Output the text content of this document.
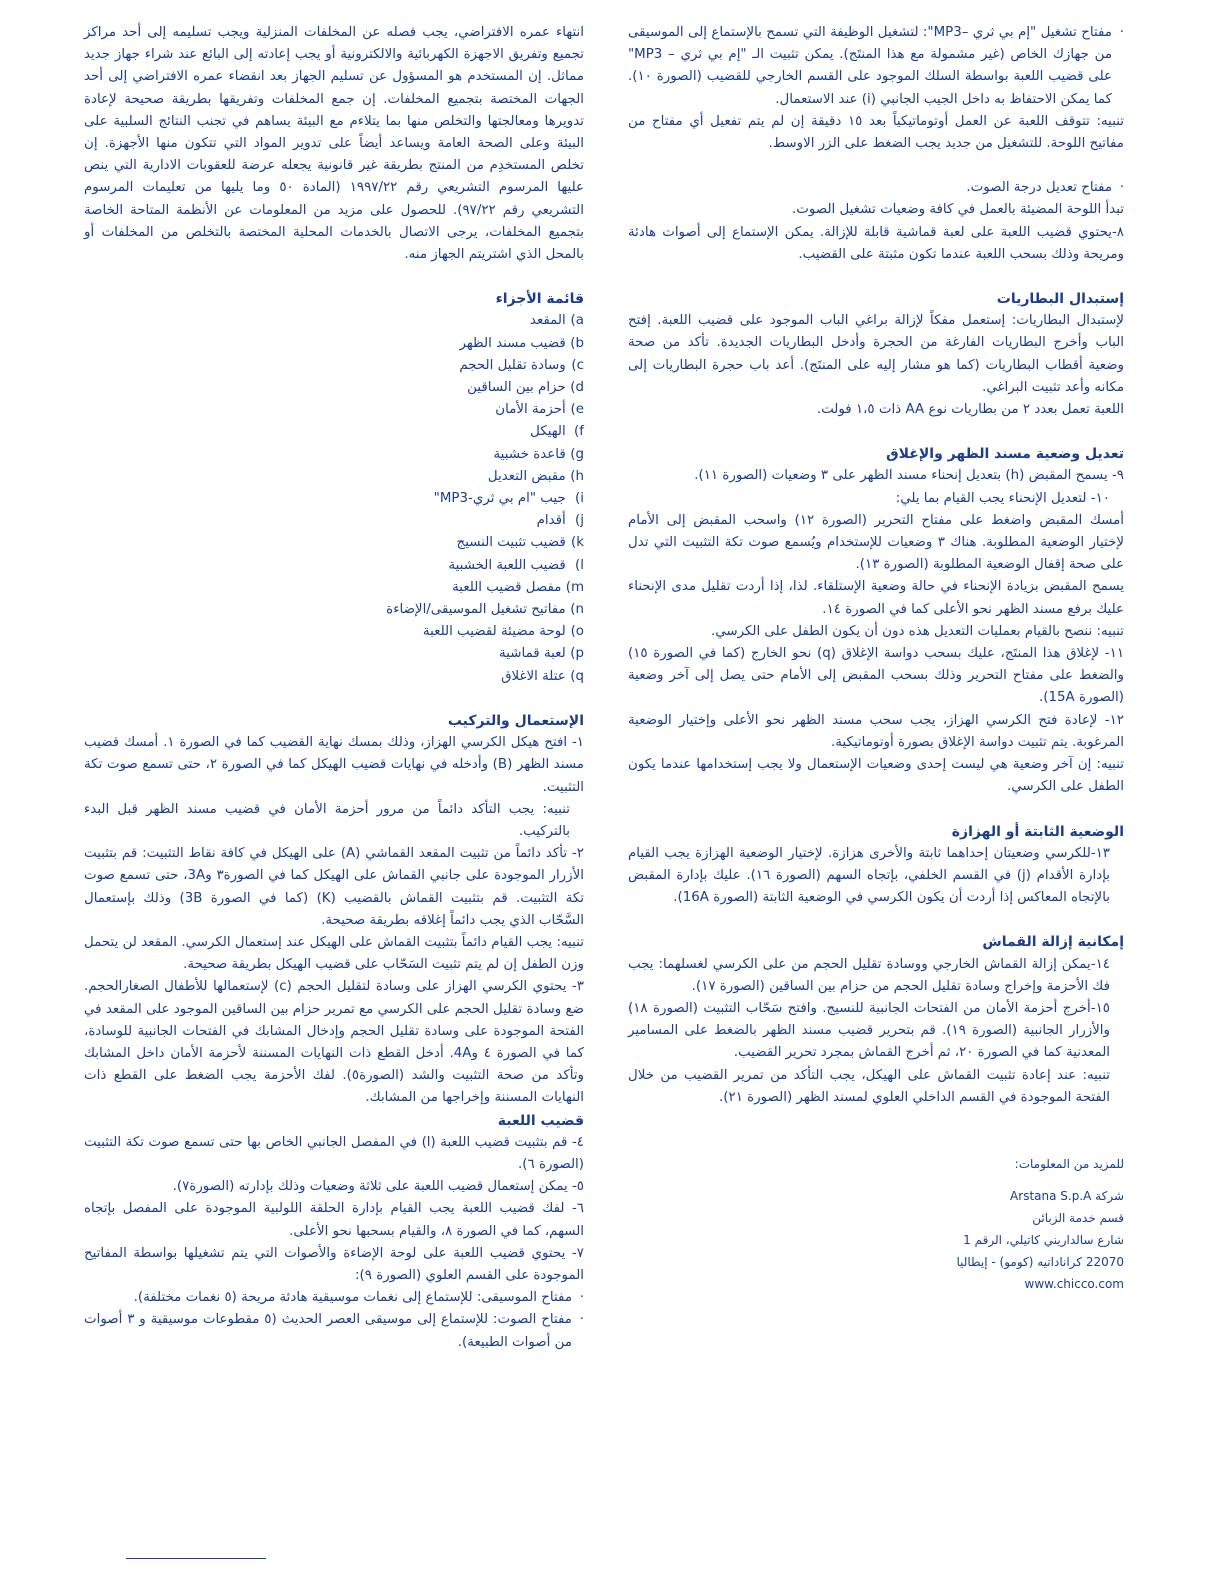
· مفتاح تشغيل "إم بي ثري –MP3": لتشغيل الوظيفة التي تسمح بالإستماع إلى الموسيقى من جهازك الخاص (غير مشمولة مع هذا المنتَج). يمكن تثبيت الـ "إم بي ثري – MP3" على قضيب اللعبة بواسطة السلك الموجود على القسم الخارجي للقضيب (الصورة ١٠). كما يمكن الاحتفاظ به داخل الجيب الجانبي (i) عند الاستعمال.

تنبيه: تتوقف اللعبة عن العمل أوتوماتيكياً بعد ١٥ دقيقة إن لم يتم تفعيل أي مفتاح من مفاتيح اللوحة. للتشغيل من جديد يجب الضغط على الزر الاوسط.

· مفتاح تعديل درجة الصوت.

تبدأ اللوحة المضيئة بالعمل في كافة وضعيات تشغيل الصوت.

٨-يحتوي قضيب اللعبة على لعبة قماشية قابلة للإزالة. يمكن الإستماع إلى أصوات هادئة ومريحة وذلك بسحب اللعبة عندما تكون مثبتة على القضيب.

إستبدال البطاريات

لإستبدال البطاريات: إستعمل مفكاً لإزالة براغي الباب الموجود على قضيب اللعبة. إفتح الباب وأخرج البطاريات الفارغة من الحجرة وأدخل البطاريات الجديدة. تأكد من صحة وضعية أقطاب البطاريات (كما هو مشار إليه على المنتَج). أعد باب حجرة البطاريات إلى مكانه وأعد تثبيت البراغي.

اللعبة تعمل بعدد ٢ من بطاريات نوع AA ذات ١،٥ فولت.

تعديل وضعية مسند الظهر والإغلاق

٩- يسمح المقبض (h) بتعديل إنحناء مسند الظهر على ٣ وضعيات (الصورة ١١).

١٠- لتعديل الإنحناء يجب القيام بما يلي:

أمسك المقبض واضغط على مفتاح التحرير (الصورة ١٢) واسحب المقبض إلى الأمام لإختيار الوضعية المطلوبة. هناك ٣ وضعيات للإستخدام ويُسمع صوت تكة التثبيت التي تدل على صحة إقفال الوضعية المطلوبة (الصورة ١٣).

يسمح المقبض بزيادة الإنحناء في حالة وضعية الإستلقاء. لذا، إذا أردت تقليل مدى الإنحناء عليك برفع مسند الظهر نحو الأعلى كما في الصورة ١٤.

تنبيه: ننصح بالقيام بعمليات التعديل هذه دون أن يكون الطفل على الكرسي.

١١- لإغلاق هذا المنتَج، عليك بسحب دواسة الإغلاق (q) نحو الخارج (كما في الصورة ١٥) والضغط على مفتاح التحرير وذلك بسحب المقبض إلى الأمام حتى يصل إلى آخر وضعية (الصورة 15A).

١٢- لإعادة فتح الكرسي الهزاز، يجب سحب مسند الظهر نحو الأعلى وإختيار الوضعية المرغوبة. يتم تثبيت دواسة الإغلاق بصورة أوتوماتيكية.

تنبيه: إن آخر وضعية هي ليست إحدى وضعيات الإستعمال ولا يجب إستخدامها عندما يكون الطفل على الكرسي.

الوضعية الثابتة أو الهزازة

١٣-للكرسي وضعيتان إحداهما ثابتة والأخرى هزازة. لإختيار الوضعية الهزازة يجب القيام بإدارة الأقدام (j) في القسم الخلفي، بإتجاه السهم (الصورة ١٦). عليك بإدارة المقبض بالإتجاه المعاكس إذا أردت أن يكون الكرسي في الوضعية الثابتة (الصورة 16A).

إمكانية إزالة القماش

١٤-يمكن إزالة القماش الخارجي ووسادة تقليل الحجم من على الكرسي لغسلهما: يجب فك الأحزمة وإخراج وسادة تقليل الحجم من حزام بين الساقين (الصورة ١٧).

١٥-أخرج أحزمة الأمان من الفتحات الجانبية للنسيج. وافتح سَحّاب التثبيت (الصورة ١٨) والأزرار الجانبية (الصورة ١٩). قم بتحرير قضيب مسند الظهر بالضغط على المسامير المعدنية كما في الصورة ٢٠، ثم أخرج القماش بمجرد تحرير القضيب.

تنبيه: عند إعادة تثبيت القماش على الهيكل، يجب التأكد من تمرير القضيب من خلال الفتحة الموجودة في القسم الداخلي العلوي لمسند الظهر (الصورة ٢١).

للمزيد من المعلومات:

شركة Arstana S.p.A

قسم خدمة الزبائن

شارع سالداريني كاتيلي، الرقم 1

22070 كراناداتيه (كومو) - إيطاليا

www.chicco.com

انتهاء عمره الافتراضي، يجب فصله عن المخلفات المنزلية ويجب تسليمه إلى أحد مراكز تجميع وتفريق الاجهزة الكهربائية والالكترونية أو يجب إعادته إلى البائع عند شراء جهاز جديد مماثل. إن المستخدم هو المسؤول عن تسليم الجهاز بعد انقضاء عمره الافتراضي إلى أحد الجهات المختصة بتجميع المخلفات. إن جمع المخلفات وتفريقها بطريقة صحيحة لإعادة تدويرها ومعالجتها والتخلص منها بما يتلاءم مع البيئة يساهم في تجنب النتائج السلبية على البيئة وعلى الصحة العامة ويساعد أيضاً على تدوير المواد التي تتكون منها الأجهزة. إن تخلص المستخدِم من المنتج بطريقة غير قانونية يجعله عرضة للعقوبات الادارية التي ينص عليها المرسوم التشريعي رقم ١٩٩٧/٢٢ (المادة ٥٠ وما يليها من تعليمات المرسوم التشريعي رقم ٩٧/٢٢). للحصول على مزيد من المعلومات عن الأنظمة المتاحة الخاصة بتجميع المخلفات، يرجى الاتصال بالخدمات المحلية المختصة بالتخلص من المخلفات أو بالمحل الذي اشتريتم الجهاز منه.

قائمة الأجزاء

a) المقعد
b) قضيب مسند الظهر
c) وسادة تقليل الحجم
d) حزام بين الساقين
e) أحزمة الأمان
f) الهيكل
g) قاعدة خشبية
h) مقبض التعديل
i) جيب "ام بي ثري-MP3"
j) أقدام
k) قضيب تثبيت النسيج
l) قضيب اللعبة الخشبية
m) مفصل قضيب اللعبة
n) مفاتيح تشغيل الموسيقى/الإضاءة
o) لوحة مضيئة لقضيب اللعبة
p) لعبة قماشية
q) عتلة الاغلاق

الإستعمال والتركيب

١- افتح هيكل الكرسي الهزاز، وذلك بمسك نهاية القضيب كما في الصورة ١. أمسك قضيب مسند الظهر (B) وأدخله في نهايات قضيب الهيكل كما في الصورة ٢، حتى تسمع صوت تكة التثبيت.

تنبيه: يجب التأكد دائماً من مرور أحزمة الأمان في قضيب مسند الظهر قبل البدء بالتركيب.

٢- تأكد دائماً من تثبيت المقعد القماشي (A) على الهيكل في كافة نقاط التثبيت: قم بتثبيت الأزرار الموجودة على جانبي القماش على الهيكل كما في الصورة٣ و3A، حتى تسمع صوت تكة التثبيت. قم بتثبيت القماش بالقضيب (K) (كما في الصورة 3B) وذلك بإستعمال السَّحّاب الذي يجب دائماً إغلاقه بطريقة صحيحة.

تنبيه: يجب القيام دائماً بتثبيت القماش على الهيكل عند إستعمال الكرسي. المقعد لن يتحمل وزن الطفل إن لم يتم تثبيت السَحّاب على قضيب الهيكل بطريقة صحيحة.

٣- يحتوي الكرسي الهزاز على وسادة لتقليل الحجم (c) لإستعمالها للأطفال الصغارالحجم. ضع وسادة تقليل الحجم على الكرسي مع تمرير حزام بين الساقين الموجود على المقعد في الفتحة الموجودة على وسادة تقليل الحجم وإدخال المشابك في الفتحات الجانبية للوسادة، كما في الصورة ٤ و4A. أدخل القطع ذات النهايات المسننة لأحزمة الأمان داخل المشابك وتأكد من صحة التثبيت والشد (الصورة٥). لفك الأحزمة يجب الضغط على القطع ذات النهايات المسننة وإخراجها من المشابك.

قضيب اللعبة

٤- قم بتثبيت قضيب اللعبة (l) في المفصل الجانبي الخاص بها حتى تسمع صوت تكة التثبيت (الصورة ٦).

٥- يمكن إستعمال قضيب اللعبة على ثلاثة وضعيات وذلك بإدارته (الصورة٧).

٦- لفك قضيب اللعبة يجب القيام بإدارة الحلقة اللولبية الموجودة على المفصل بإتجاه السهم، كما في الصورة ٨، والقيام بسحبها نحو الأعلى.

٧- يحتوي قضيب اللعبة على لوحة الإضاءة والأصوات التي يتم تشغيلها بواسطة المفاتيح الموجودة على القسم العلوي (الصورة ٩):

· مفتاح الموسيقى: للإستماع إلى نغمات موسيقية هادئة مريحة (٥ نغمات مختلفة).

· مفتاح الصوت: للإستماع إلى موسيقى العصر الحديث (٥ مقطوعات موسيقية و ٣ أصوات من أصوات الطبيعة).
